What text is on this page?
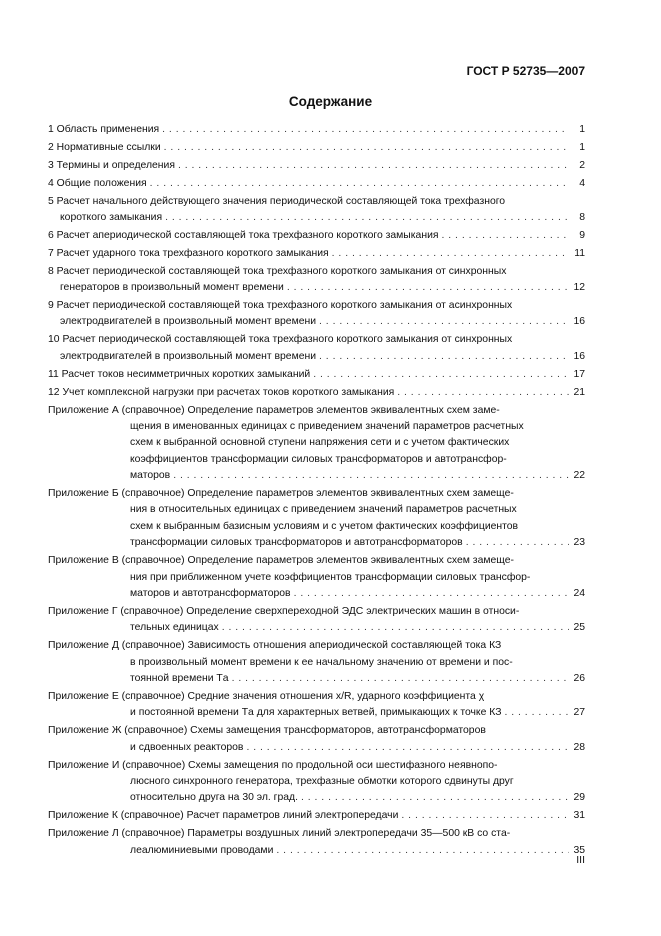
ГОСТ Р 52735—2007
Содержание
1 Область применения . . .	1
2 Нормативные ссылки . . .	1
3 Термины и определения . . .	2
4 Общие положения . . .	4
5 Расчет начального действующего значения периодической составляющей тока трехфазного
короткого замыкания . . .	8
6 Расчет апериодической составляющей тока трехфазного короткого замыкания . . .	9
7 Расчет ударного тока трехфазного короткого замыкания . . .	11
8 Расчет периодической составляющей тока трехфазного короткого замыкания от синхронных
генераторов в произвольный момент времени . . .	12
9 Расчет периодической составляющей тока трехфазного короткого замыкания от асинхронных
электродвигателей в произвольный момент времени . . .	16
10 Расчет периодической составляющей тока трехфазного короткого замыкания от синхронных
электродвигателей в произвольный момент времени . . .	16
11 Расчет токов несимметричных коротких замыканий . . .	17
12 Учет комплексной нагрузки при расчетах токов короткого замыкания . . .	21
Приложение А (справочное) Определение параметров элементов эквивалентных схем заме-
щения в именованных единицах с приведением значений параметров расчетных
схем к выбранной основной ступени напряжения сети и с учетом фактических
коэффициентов трансформации силовых трансформаторов и автотрансфор-
маторов . . .	22
Приложение Б (справочное) Определение параметров элементов эквивалентных схем замеще-
ния в относительных единицах с приведением значений параметров расчетных
схем к выбранным базисным условиям и с учетом фактических коэффициентов
трансформации силовых трансформаторов и автотрансформаторов . . .	23
Приложение В (справочное) Определение параметров элементов эквивалентных схем замеще-
ния при приближенном учете коэффициентов трансформации силовых трансфор-
маторов и автотрансформаторов . . .	24
Приложение Г (справочное) Определение сверхпереходной ЭДС электрических машин в относи-
тельных единицах . . .	25
Приложение Д (справочное) Зависимость отношения апериодической составляющей тока КЗ
в произвольный момент времени к ее начальному значению от времени и пос-
тоянной времени Tа . . .	26
Приложение Е (справочное) Средние значения отношения x/R, ударного коэффициента χ
и постоянной времени Tа для характерных ветвей, примыкающих к точке КЗ . . .	27
Приложение Ж (справочное) Схемы замещения трансформаторов, автотрансформаторов
и сдвоенных реакторов . . .	28
Приложение И (справочное) Схемы замещения по продольной оси шестифазного неявнопо-
люсного синхронного генератора, трехфазные обмотки которого сдвинуты друг
относительно друга на 30 эл. град. . . .	29
Приложение К (справочное) Расчет параметров линий электропередачи . . .	31
Приложение Л (справочное) Параметры воздушных линий электропередачи 35—500 кВ со ста-
леалюминиевыми проводами . . .	35
III
